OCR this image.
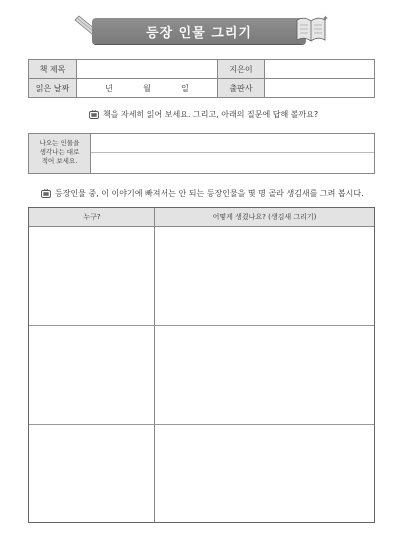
등장 인물 그리기
✦
책 제목		지은이	
읽은 날짜	년 월 일	출판사	
책을 자세히 읽어 보세요. 그리고, 아래의 질문에 답해 볼까요?
나오는 인물을
생각나는 대로
적어 보세요.
등장인물 중, 이 이야기에 빠져서는 안 되는 등장인물을 몇 명 골라 생김새를 그려 봅시다.
누구?	어떻게 생겼나요? (생김새 그리기)
